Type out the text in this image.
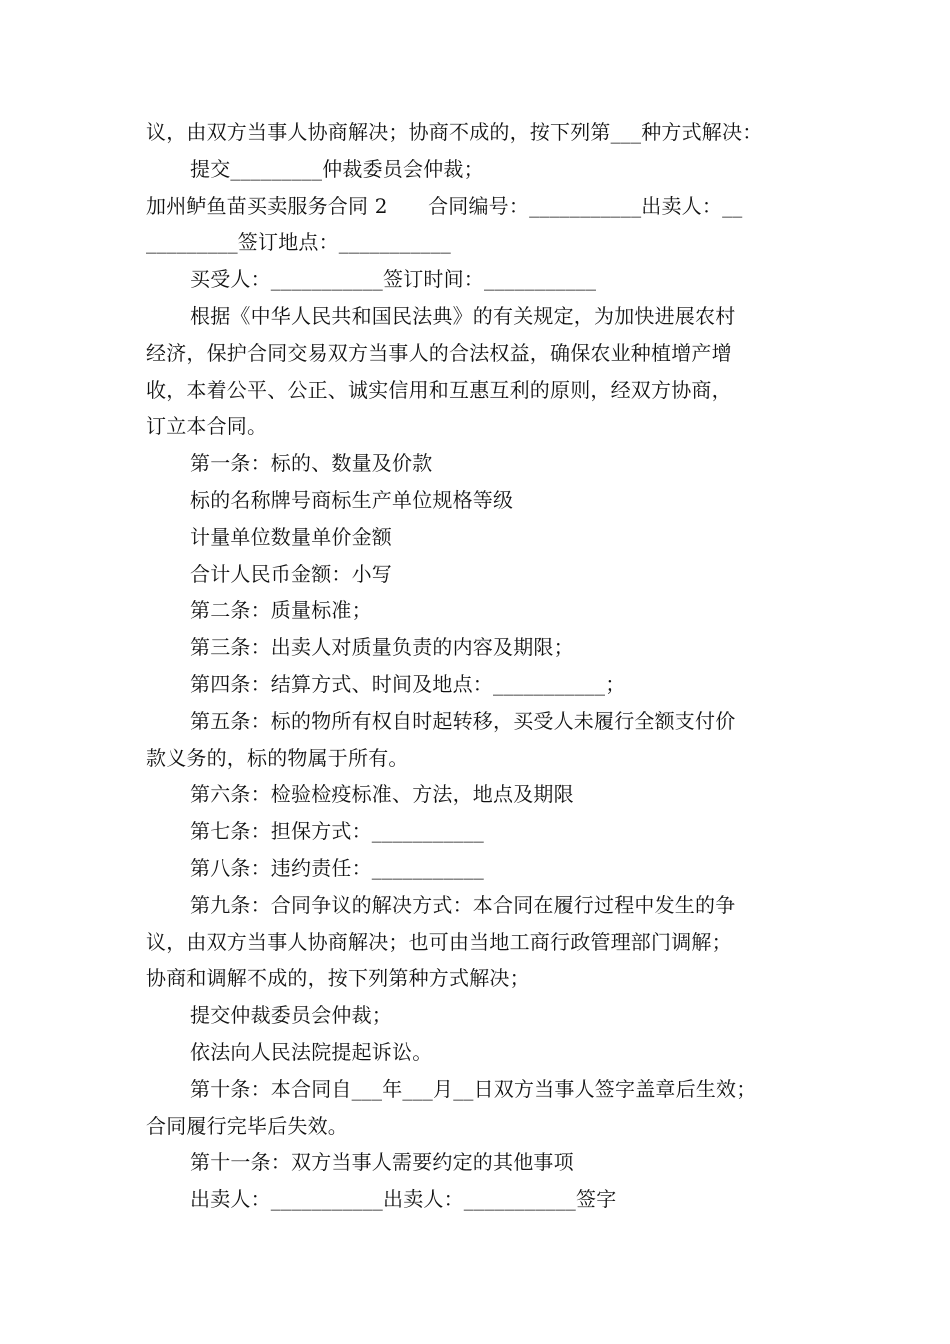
议，由双方当事人协商解决；协商不成的，按下列第___种方式解决：
提交_________仲裁委员会仲裁；
加州鲈鱼苗买卖服务合同 2　　合同编号：___________出卖人：__
_________签订地点：___________
买受人：___________签订时间：___________
根据《中华人民共和国民法典》的有关规定，为加快进展农村
经济，保护合同交易双方当事人的合法权益，确保农业种植增产增
收，本着公平、公正、诚实信用和互惠互利的原则，经双方协商，
订立本合同。
第一条：标的、数量及价款
标的名称牌号商标生产单位规格等级
计量单位数量单价金额
合计人民币金额：小写
第二条：质量标准；
第三条：出卖人对质量负责的内容及期限；
第四条：结算方式、时间及地点：___________；
第五条：标的物所有权自时起转移，买受人未履行全额支付价
款义务的，标的物属于所有。
第六条：检验检疫标准、方法，地点及期限
第七条：担保方式：___________
第八条：违约责任：___________
第九条：合同争议的解决方式：本合同在履行过程中发生的争
议，由双方当事人协商解决；也可由当地工商行政管理部门调解；
协商和调解不成的，按下列第种方式解决；
提交仲裁委员会仲裁；
依法向人民法院提起诉讼。
第十条：本合同自___年___月__日双方当事人签字盖章后生效；
合同履行完毕后失效。
第十一条：双方当事人需要约定的其他事项
出卖人：___________出卖人：___________签字
